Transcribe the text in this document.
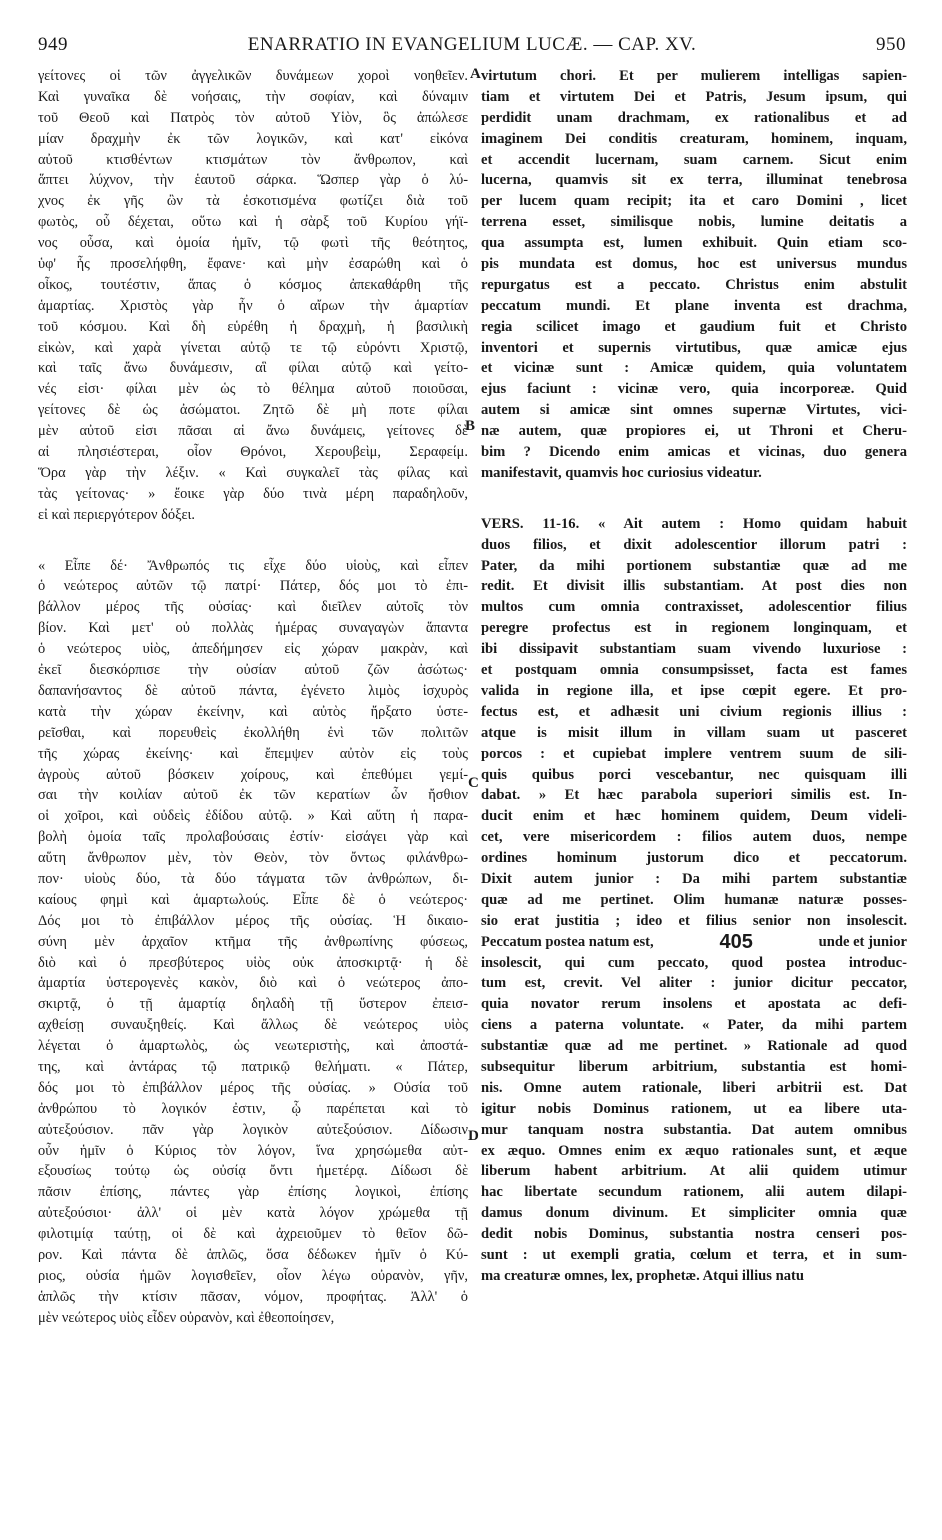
949	ENARRATIO IN EVANGELIUM LUCÆ. — CAP. XV.	950
γείτονες οἱ τῶν ἀγγελικῶν δυνάμεων χοροὶ νοηθεῖεν.
Καὶ γυναῖκα δὲ νοήσαις, τὴν σοφίαν, καὶ δύναμιν
τοῦ Θεοῦ καὶ Πατρὸς τὸν αὐτοῦ Υἱὸν, ὃς ἀπώλεσε
μίαν δραχμὴν ἐκ τῶν λογικῶν, καὶ κατ' εἰκόνα
αὐτοῦ κτισθέντων κτισμάτων τὸν ἄνθρωπον, καὶ
ἅπτει λύχνον, τὴν ἑαυτοῦ σάρκα. Ὥσπερ γὰρ ὁ λύ-
χνος ἐκ γῆς ὢν τὰ ἐσκοτισμένα φωτίζει διὰ τοῦ
φωτὸς, οὗ δέχεται, οὕτω καὶ ἡ σὰρξ τοῦ Κυρίου γήϊ-
νος οὖσα, καὶ ὁμοία ἡμῖν, τῷ φωτὶ τῆς θεότητος,
ὑφ' ἧς προσελήφθη, ἔφανε· καὶ μὴν ἐσαρώθη καὶ ὁ
οἶκος, τουτέστιν, ἅπας ὁ κόσμος ἀπεκαθάρθη τῆς
ἁμαρτίας. Χριστὸς γὰρ ἦν ὁ αἴρων τὴν ἁμαρτίαν
τοῦ κόσμου. Καὶ δὴ εὑρέθη ἡ δραχμὴ, ἡ βασιλικὴ
εἰκὼν, καὶ χαρὰ γίνεται αὐτῷ τε τῷ εὑρόντι Χριστῷ,
καὶ ταῖς ἄνω δυνάμεσιν, αἳ φίλαι αὐτῷ καὶ γείτο-
νές εἰσι· φίλαι μὲν ὡς τὸ θέλημα αὐτοῦ ποιοῦσαι,
γείτονες δὲ ὡς ἀσώματοι. Ζητῶ δὲ μὴ ποτε φίλαι
μὲν αὐτοῦ εἰσι πᾶσαι αἱ ἄνω δυνάμεις, γείτονες δὲ
αἱ πλησιέστεραι, οἷον Θρόνοι, Χερουβεὶμ, Σεραφείμ.
Ὅρα γὰρ τὴν λέξιν. « Καὶ συγκαλεῖ τὰς φίλας καὶ
τὰς γείτονας· » ἔοικε γὰρ δύο τινὰ μέρη παραδηλοῦν,
εἰ καὶ περιεργότερον δόξει.
« Εἶπε δέ· Ἄνθρωπός τις εἶχε δύο υἱοὺς, καὶ εἶπεν
ὁ νεώτερος αὐτῶν τῷ πατρί· Πάτερ, δός μοι τὸ ἐπι-
βάλλον μέρος τῆς οὐσίας· καὶ διεῖλεν αὐτοῖς τὸν
βίον. Καὶ μετ' οὐ πολλὰς ἡμέρας συναγαγὼν ἅπαντα
ὁ νεώτερος υἱὸς, ἀπεδήμησεν εἰς χώραν μακρὰν, καὶ
ἐκεῖ διεσκόρπισε τὴν οὐσίαν αὐτοῦ ζῶν ἀσώτως·
δαπανήσαντος δὲ αὐτοῦ πάντα, ἐγένετο λιμὸς ἰσχυρὸς
κατὰ τὴν χώραν ἐκείνην, καὶ αὐτὸς ἤρξατο ὑστε-
ρεῖσθαι, καὶ πορευθεὶς ἐκολλήθη ἑνὶ τῶν πολιτῶν
τῆς χώρας ἐκείνης· καὶ ἔπεμψεν αὐτὸν εἰς τοὺς
ἀγροὺς αὐτοῦ βόσκειν χοίρους, καὶ ἐπεθύμει γεμί-
σαι τὴν κοιλίαν αὐτοῦ ἐκ τῶν κερατίων ὧν ἤσθιον
οἱ χοῖροι, καὶ οὐδεὶς ἐδίδου αὐτῷ. » Καὶ αὕτη ἡ παρα-
βολὴ ὁμοία ταῖς προλαβούσαις ἐστίν· εἰσάγει γὰρ καὶ
αὕτη ἄνθρωπον μὲν, τὸν Θεὸν, τὸν ὄντως φιλάνθρω-
πον· υἱοὺς δύο, τὰ δύο τάγματα τῶν ἀνθρώπων, δι-
καίους φημὶ καὶ ἁμαρτωλούς. Εἶπε δὲ ὁ νεώτερος·
Δός μοι τὸ ἐπιβάλλον μέρος τῆς οὐσίας. Ἡ δικαιο-
σύνη μὲν ἀρχαῖον κτῆμα τῆς ἀνθρωπίνης φύσεως,
διὸ καὶ ὁ πρεσβύτερος υἱὸς οὐκ ἀποσκιρτᾷ· ἡ δὲ
ἁμαρτία ὑστερογενὲς κακὸν, διὸ καὶ ὁ νεώτερος ἀπο-
σκιρτᾷ, ὁ τῇ ἁμαρτίᾳ δηλαδὴ τῇ ὕστερον ἐπεισ-
αχθείσῃ συναυξηθείς. Καὶ ἄλλως δὲ νεώτερος υἱὸς
λέγεται ὁ ἁμαρτωλὸς, ὡς νεωτεριστὴς, καὶ ἀποστά-
της, καὶ ἀντάρας τῷ πατρικῷ θελήματι. « Πάτερ,
δός μοι τὸ ἐπιβάλλον μέρος τῆς οὐσίας. » Οὐσία τοῦ
ἀνθρώπου τὸ λογικόν ἐστιν, ᾧ παρέπεται καὶ τὸ
αὐτεξούσιον. πᾶν γὰρ λογικὸν αὐτεξούσιον. Δίδωσιν
οὖν ἡμῖν ὁ Κύριος τὸν λόγον, ἵνα χρησώμεθα αὐτ-
εξουσίως τούτῳ ὡς οὐσίᾳ ὄντι ἡμετέρᾳ. Δίδωσι δὲ
πᾶσιν ἐπίσης, πάντες γὰρ ἐπίσης λογικοὶ, ἐπίσης
αὐτεξούσιοι· ἀλλ' οἱ μὲν κατὰ λόγον χρώμεθα τῇ
φιλοτιμίᾳ ταύτῃ, οἱ δὲ καὶ ἀχρειοῦμεν τὸ θεῖον δῶ-
ρον. Καὶ πάντα δὲ ἁπλῶς, ὅσα δέδωκεν ἡμῖν ὁ Κύ-
ριος, οὐσία ἡμῶν λογισθεῖεν, οἷον λέγω οὐρανὸν, γῆν,
ἁπλῶς τὴν κτίσιν πᾶσαν, νόμον, προφήτας. Ἀλλ' ὁ
μὲν νεώτερος υἱὸς εἶδεν οὐρανὸν, καὶ ἐθεοποίησεν,
virtutum chori. Et per mulierem intelligas sapien-
tiam et virtutem Dei et Patris, Jesum ipsum, qui
perdidit unam drachmam, ex rationalibus et ad
imaginem Dei conditis creaturam, hominem, inquam,
et accendit lucernam, suam carnem. Sicut enim
lucerna, quamvis sit ex terra, illuminat tenebrosa
per lucem quam recipit; ita et caro Domini , licet
terrena esset, similisque nobis, lumine deitatis a
qua assumpta est, lumen exhibuit. Quin etiam sco-
pis mundata est domus, hoc est universus mundus
repurgatus est a peccato. Christus enim abstulit
peccatum mundi. Et plane inventa est drachma,
regia scilicet imago et gaudium fuit et Christo
inventori et supernis virtutibus, quæ amicæ ejus
et vicinæ sunt : Amicæ quidem, quia voluntatem
ejus faciunt : vicinæ vero, quia incorporeæ. Quid
autem si amicæ sint omnes supernæ Virtutes, vici-
næ autem, quæ propiores ei, ut Throni et Cheru-
bim ? Dicendo enim amicas et vicinas, duo genera
manifestavit, quamvis hoc curiosius videatur.
VERS. 11-16. « Ait autem : Homo quidam habuit
duos filios, et dixit adolescentior illorum patri :
Pater, da mihi portionem substantiæ quæ ad me
redit. Et divisit illis substantiam. At post dies non
multos cum omnia contraxisset, adolescentior filius
peregre profectus est in regionem longinquam, et
ibi dissipavit substantiam suam vivendo luxuriose :
et postquam omnia consumpsisset, facta est fames
valida in regione illa, et ipse cœpit egere. Et pro-
fectus est, et adhæsit uni civium regionis illius :
atque is misit illum in villam suam ut pasceret
porcos : et cupiebat implere ventrem suum de sili-
quis quibus porci vescebantur, nec quisquam illi
dabat. » Et hæc parabola superiori similis est. In-
ducit enim et hæc hominem quidem, Deum videli-
cet, vere misericordem : filios autem duos, nempe
ordines hominum justorum dico et peccatorum.
Dixit autem junior : Da mihi partem substantiæ
quæ ad me pertinet. Olim humanæ naturæ posses-
sio erat justitia ; ideo et filius senior non insolescit.
Peccatum postea natum est,	405	unde et junior
insolescit, qui cum peccato, quod postea introduc-
tum est, crevit. Vel aliter : junior dicitur peccator,
quia novator rerum insolens et apostata ac defi-
ciens a paterna voluntate. « Pater, da mihi partem
substantiæ quæ ad me pertinet. » Rationale ad quod
subsequitur liberum arbitrium, substantia est homi-
nis. Omne autem rationale, liberi arbitrii est. Dat
igitur nobis Dominus rationem, ut ea libere uta-
mur tanquam nostra substantia. Dat autem omnibus
ex æquo. Omnes enim ex æquo rationales sunt, et æque
liberum habent arbitrium. At alii quidem utimur
hac libertate secundum rationem, alii autem dilapi-
damus donum divinum. Et simpliciter omnia quæ
dedit nobis Dominus, substantia nostra censeri pos-
sunt : ut exempli gratia, cœlum et terra, et in sum-
ma creaturæ omnes, lex, prophetæ. Atqui illius natu
A
B
C
D
